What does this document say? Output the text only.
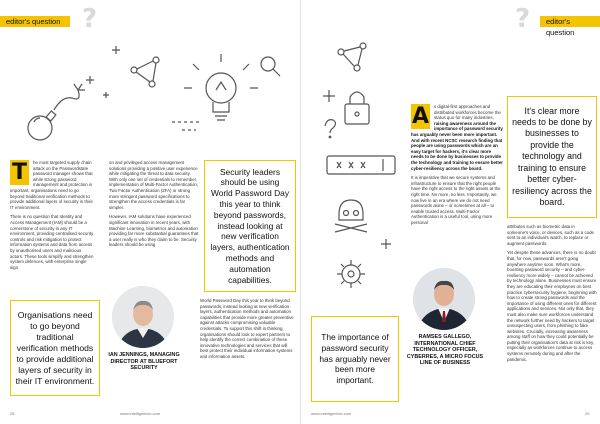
editor's question ?

T	he most targeted supply chain attack on the Passwordstate password manager shows that while strong password management and protection is important, organisations need to go beyond traditional verification methods to provide additional layers of security in their IT environment.

There is no question that Identity and Access Management (IAM) should be a cornerstone of security in any IT environment, providing centralised security controls and risk mitigation to protect information systems and data from access by unauthorised users and malicious actors. These tools simplify and strengthen system defences, with enterprise single sign

on and privileged access management solutions providing a positive user experience while mitigating the threat to data security. With only one set of credentials to remember, implementation of Multi-Factor Authentication, Two Factor Authentication (2FA) or strong more stringent password specifications to strengthen the access credentials is far simpler.

However, IAM solutions have experienced significant innovation in recent years, with Machine Learning, biometrics and automation providing far more substantial guarantees that a user really is who they claim to be. Security leaders should be using

Organisations need to go beyond traditional verification methods to provide additional layers of security in their IT environment.
Security leaders should be using World Password Day this year to think beyond passwords, instead looking at new verification layers, authentication methods and automation capabilities.
IAN JENNINGS, MANAGING DIRECTOR AT BLUEFORT SECURITY

World Password Day this year to think beyond passwords, instead looking at new verification layers, authentication methods and automation capabilities that provide more greater preventive against attacks compromising valuable credentials. To support this shift in thinking, organisations should look to expert partners to help identify the correct combination of these innovative technologies and services that will best protect their individual information systems and information assets.

28	www.intelligentcio.com
editor's question
?

A s digital-first approaches and distributed workforces become the status quo for many industries, raising awareness around the importance of password security has arguably never been more important. And with recent NCSC research finding that people are using passwords which are an easy target for hackers, it's clear more needs to be done by businesses to provide the technology and training to ensure better cyber-resiliency across the board.

It is imperative that we secure systems and infrastructure to ensure that the right people have the right access to the right assets at the right time. No more, no less. Importantly, we now live in an era where we do not need passwords alone – or sometimes at all – to enable trusted access. Multi-Factor Authentication is a useful tool, using more personal

It's clear more needs to be done by businesses to provide the technology and training to ensure better cyber-resiliency across the board.
RAMSES GALLEGO, INTERNATIONAL CHIEF TECHNOLOGY OFFICER, CYBERRES, A MICRO FOCUS LINE OF BUSINESS
The importance of password security has arguably never been more important.

attributes such as biometric data in someone's voice, or devices, such as a code sent to an individual's watch, to replace or augment passwords.

Yet despite these advances, there is no doubt that, for now, passwords aren't going anywhere anytime soon. What's more, boosting password security – and cyber-resiliency more widely – cannot be achieved by technology alone. Businesses must ensure they are educating their employees on best practice cybersecurity hygiene, beginning with how to create strong passwords and the importance of using different ones for different applications and services. Not only that, they must also make sure workforces understand the network further need by hackers to target unsuspecting users, from phishing to fake websites. Crucially, increasing awareness among staff on how they could potentially be putting their organisation's data at risk is key, especially as workforces continue to access systems remotely during and after the pandemic.

www.intelligentcio.com	29
